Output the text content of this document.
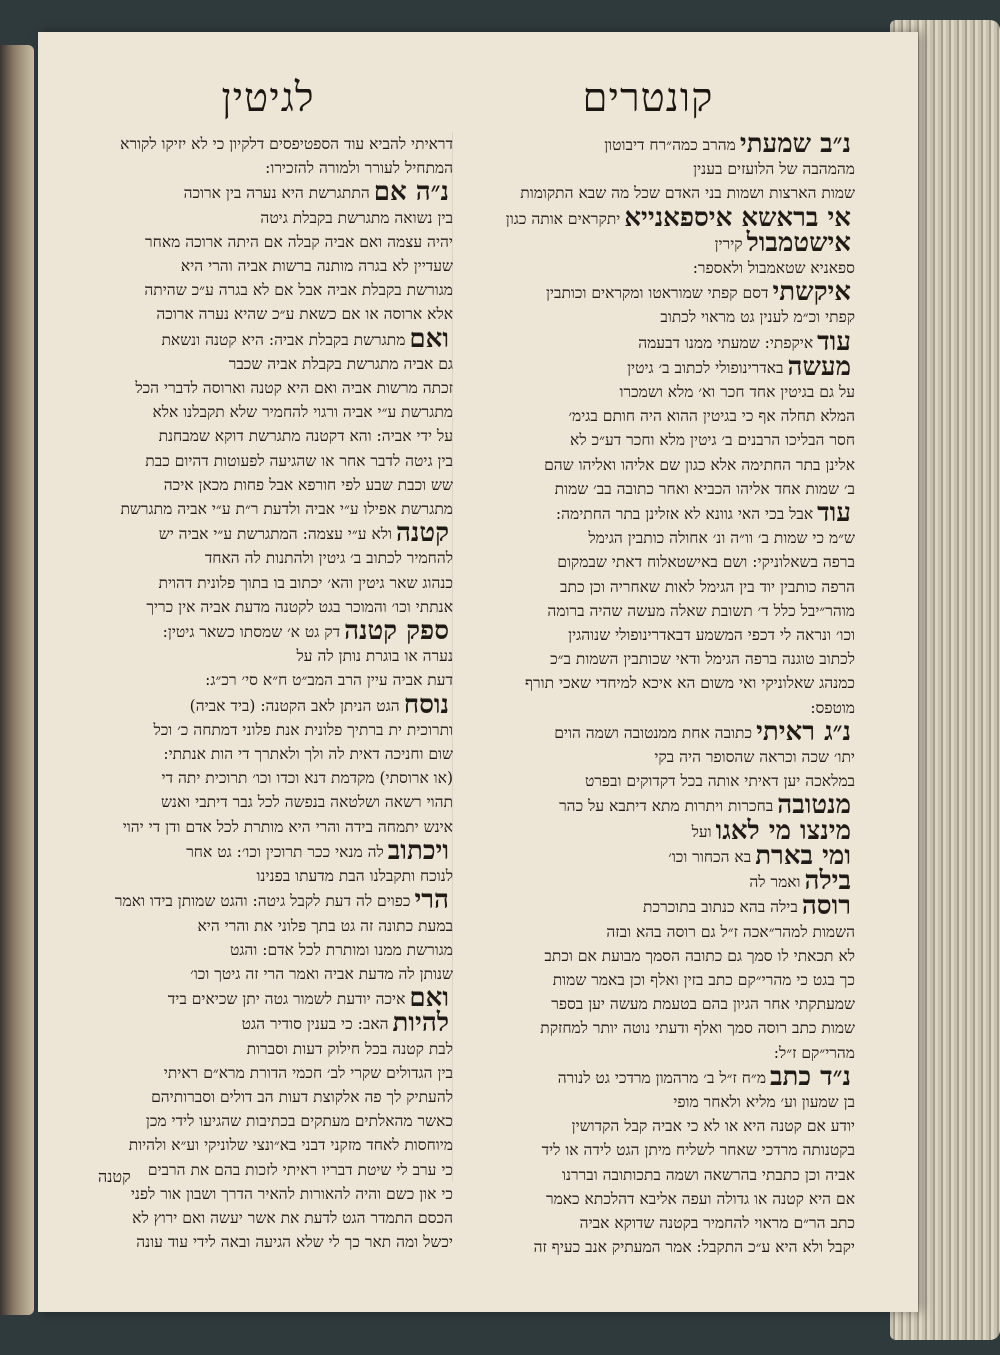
קונטרים
לגיטין
נ״ב שמעתימהרב כמה״רח דיבוטון
מהמהבה של הלועזים בענין
שמות הארצות ושמות בני האדם שכל מה שבא התקומות
אי בראשא איספאנייאיתקראים אותה כגון
אישטמבולקירין
ספאניא שטאמבול ולאספר:
איקשתידסם קפתי שמוראטו ומקראים וכותבין
קפתי וכ״מ לענין גט מראוי לכתוב
עודאיקפתי: שמעתי ממנו דבעמה
מעשהבאדרינופולי לכתוב ב׳ גיטין
על גם בגיטין אחד חכר וא׳ מלא ושמכרו
המלא תחלה אף כי בגיטין ההוא היה חותם בגימ׳
חסר הבליכו הרבנים ב׳ גיטין מלא וחכר דע״כ לא
אלינן בתר החתימה אלא כגון שם אליהו ואליהו שהם
ב׳ שמות אחד אליהו הכביא ואחר כתובה בב׳ שמות
עודאבל בכי האי גוונא לא אזלינן בתר החתימה:
ש״מ כי שמות ב׳ וו״ה ונ׳ אחולה כותבין הגימל
ברפה בשאלוניקי: ושם באישטאלוח דאתי שבמקום
הרפה כותבין יוד בין הגימל לאות שאחריה וכן כתב
מוהר״יבל כלל ד׳ תשובת שאלה מעשה שהיה ברומה
וכו׳ ונראה לי דכפי המשמע דבאדרינופולי שנוהגין
לכתוב טוגנה ברפה הגימל ודאי שכותבין השמות ב״כ
כמנהג שאלוניקי ואי משום הא איכא למיחדי שאכי תורף
מוטפס:
נ״ג ראיתיכתובה אחת ממנטובה ושמה הוים
יתו׳ שכה וכראה שהסופר היה בקי
במלאכה יען דאיתי אותה בכל דקדוקים ובפרט
מנטובהבחכרות ויתרות מתא דיתבא על כהר
מינצו מי לאגוועל
ומי בארתבא הכחור וכו׳
בילהואמר לה
רוסהבילה בהא כנתוב בתוכרכת
השמות למהר״אכה ז״ל גם רוסה בהא ובזה
לא תכאתי לו סמך גם כתובה הסמך מבועת אם וכתב
כך בגט כי מהרי״קם כתב בזין ואלף וכן באמר שמות
שמעתקתי אחר הגיון בהם בטעמת מעשה יען בספר
שמות כתב רוסה סמך ואלף ודעתי נוטה יותר למחזקת
מהרי״קם ז״ל:
נ״ד כתבמ״ח ז״ל ב׳ מרהמון מרדכי גט לנורה
בן שמעון וע׳ מליא ולאחר מופי
יודע אם קטנה היא או לא כי אביה קבל הקדושין
בקטנותה מרדכי שאחר לשליח מיתן הגט לידה או ליד
אביה וכן כתבתי בהרשאה ושמה בתכותובה ובררנו
אם היא קטנה או גדולה ועפה אליבא דהלכתא כאמר
כתב הר״ם מראוי להחמיר בקטנה שדוקא אביה
יקבל ולא היא ע״כ התקבל: אמר המעתיק אנב כעיף זה
דראיתי להביא עוד הספטיפסים דלקיון כי לא יזיקו לקורא
המתחיל לעורר ולמורה להזכירו:
נ״ה אםהתתגרשת היא נערה בין ארוכה
בין נשואה מתגרשת בקבלת גיטה
יהיה עצמה ואם אביה קבלה אם היתה ארוכה מאחר
שעדיין לא בגרה מותנה ברשות אביה והרי היא
מגורשת בקבלת אביה אבל אם לא בגרה ע״כ שהיתה
אלא ארוסה או אם כשאת ע״כ שהיא נערה ארוכה
ואםמתגרשת בקבלת אביה: היא קטנה ונשאת
גם אביה מתגרשת בקבלת אביה שכבר
זכתה מרשות אביה ואם היא קטנה וארוסה לדברי הכל
מתגרשת ע״י אביה ורגוי להחמיר שלא תקבלנו אלא
על ידי אביה: והא דקטנה מתגרשת דוקא שמבחנת
בין גיטה לדבר אחר או שהגיעה לפעוטות דהיום כבת
שש וכבת שבע לפי חורפא אבל פחות מכאן איכה
מתגרשת אפילו ע״י אביה ולדעת ר״ת ע״י אביה מתגרשת
קטנהולא ע״י עצמה: המתגרשת ע״י אביה יש
להחמיר לכתוב ב׳ גיטין ולהתנות לה האחד
כנהוג שאר גיטין והא׳ יכתוב בו בתוך פלונית דהוית
אנתתי וכו׳ והמוכר בגט לקטנה מדעת אביה אין כריך
ספק קטנהדק גט א׳ שמסתו כשאר גיטין:
נערה או בוגרת נותן לה על
דעת אביה עיין הרב המב״ט ח״א סי׳ רכ״ג:
נוסחהגט הניתן לאב הקטנה: (ביד אביה)
ותרוכית ית ברתיך פלונית אנת פלוני דמתחה כ׳ וכל
שום וחניכה דאית לה ולך ולאתרך די הות אנתתי:
(או ארוסתי) מקדמת דנא וכדו וכו׳ תרוכית יתה די
תהוי רשאה ושלטאה בנפשה לכל גבר דיתבי ואנש
אינש יתמחה בידה והרי היא מותרת לכל אדם ודן די יהוי
ויכתובלה מנאי ככר תרוכין וכו׳: גט אחר
לנוכח ותקבלנו הבת מדעתו בפנינו
הריכפוים לה דעת לקבל גיטה: והגט שמותן בידו ואמר
במעת כתונה זה גט בתך פלוני את והרי היא
מגורשת ממנו ומותרת לכל אדם: והגט
שנותן לה מדעת אביה ואמר הרי זה גיטך וכו׳
ואםאיכה יודעת לשמור גטה יתן שכיאים ביד
להיותהאב: כי בענין סודיר הגט
לבת קטנה בכל חילוק דעות וסברות
בין הגדולים שקרי לב׳ חכמי הדורת מרא״ם ראיתי
להעתיק לך פה אלקוצת דעות הב דולים וסברותיהם
כאשר מהאלתים מעתקים בכתיבות שהגיעו לידי מכן
מיוחסות לאחד מזקני דבני בא״ונצי שלוניקי וע״א ולהיות
כי ערב לי שיטת דבריו ראיתי לזכות בהם את הרבים
כי און כשם והיה להאורות להאיר הדרך ושבון אור לפני
הכסם התמדר הגט לדעת את אשר יעשה ואם ירוץ לא
יכשל ומה תאר כך לי שלא הגיעה ובאה לידי עוד עונה
קטנה
